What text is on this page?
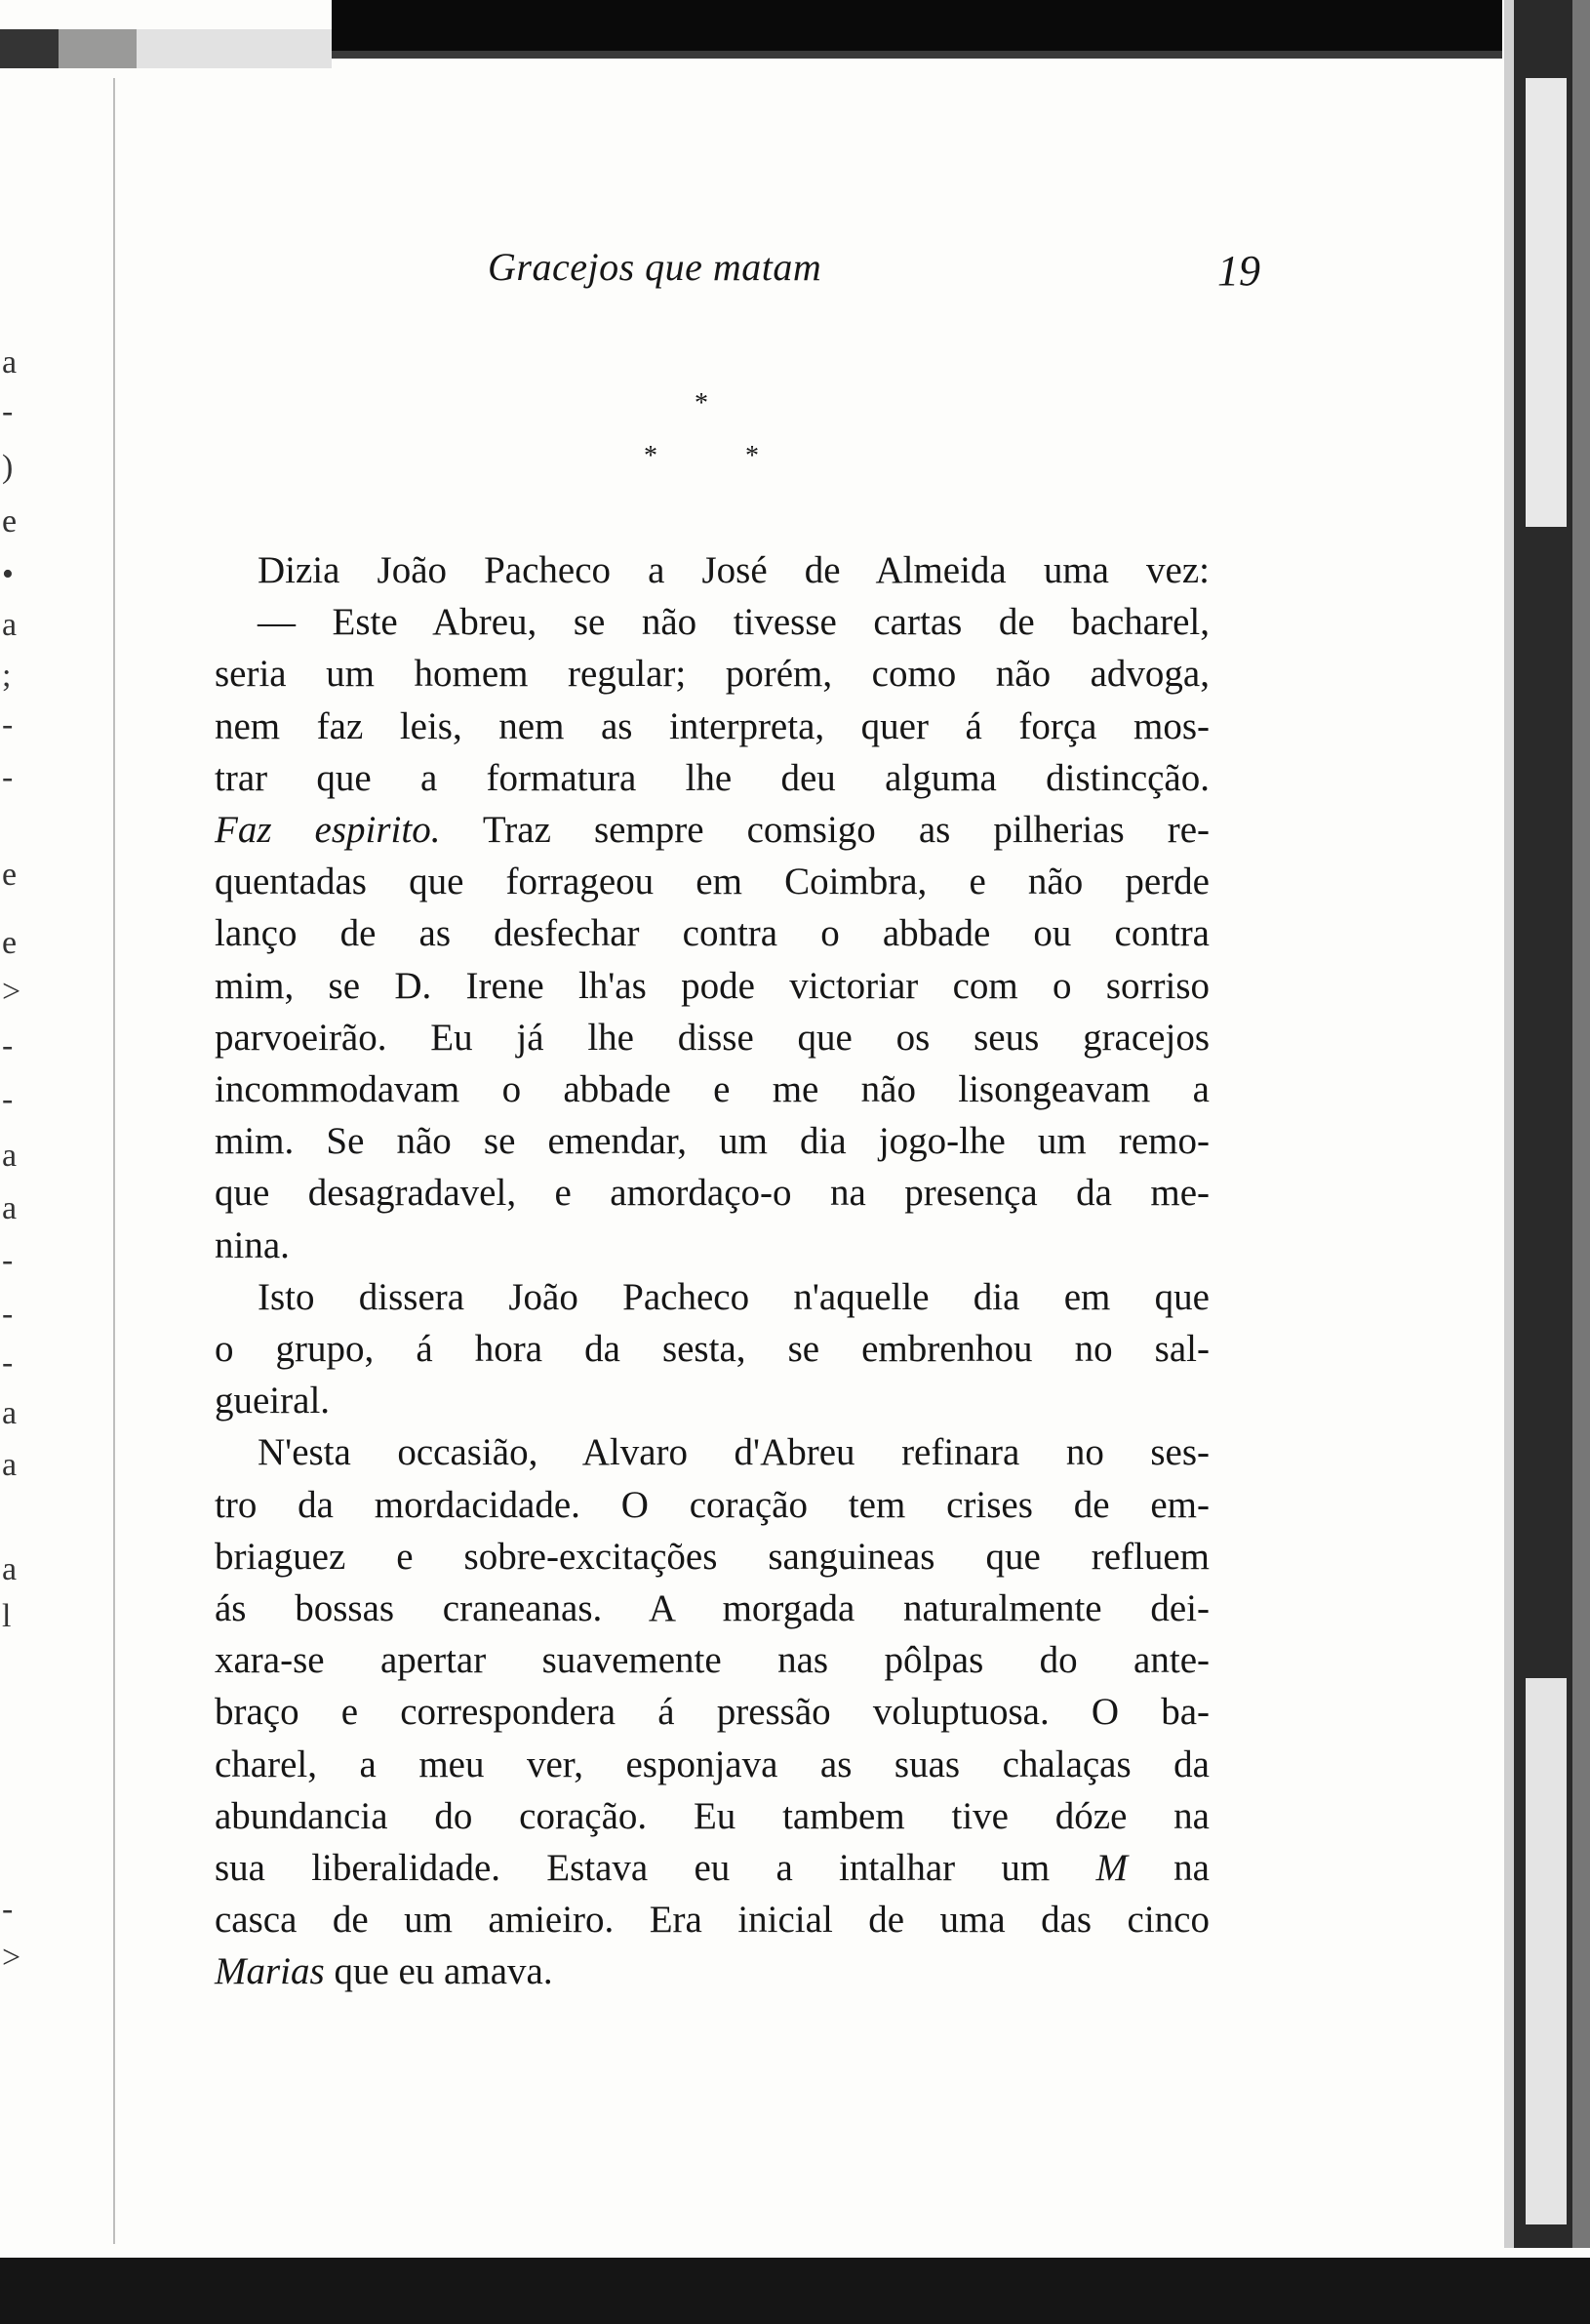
a
-
)
e
•
a
;
-
-
e
e
>
-
-
a
a
-
-
-
a
a
a
l
-
>
Gracejos que matam	19
*
*	*
Dizia João Pacheco a José de Almeida uma vez:
— Este Abreu, se não tivesse cartas de bacharel,
seria um homem regular; porém, como não advoga,
nem faz leis, nem as interpreta, quer á força mos-
trar que a formatura lhe deu alguma distincção.
Faz espirito. Traz sempre comsigo as pilherias re-
quentadas que forrageou em Coimbra, e não perde
lanço de as desfechar contra o abbade ou contra
mim, se D. Irene lh'as pode victoriar com o sorriso
parvoeirão. Eu já lhe disse que os seus gracejos
incommodavam o abbade e me não lisongeavam a
mim. Se não se emendar, um dia jogo-lhe um remo-
que desagradavel, e amordaço-o na presença da me-
nina.
Isto dissera João Pacheco n'aquelle dia em que
o grupo, á hora da sesta, se embrenhou no sal-
gueiral.
N'esta occasião, Alvaro d'Abreu refinara no ses-
tro da mordacidade. O coração tem crises de em-
briaguez e sobre-excitações sanguineas que refluem
ás bossas craneanas. A morgada naturalmente dei-
xara-se apertar suavemente nas pôlpas do ante-
braço e correspondera á pressão voluptuosa. O ba-
charel, a meu ver, esponjava as suas chalaças da
abundancia do coração. Eu tambem tive dóze na
sua liberalidade. Estava eu a intalhar um M na
casca de um amieiro. Era inicial de uma das cinco
Marias que eu amava.
